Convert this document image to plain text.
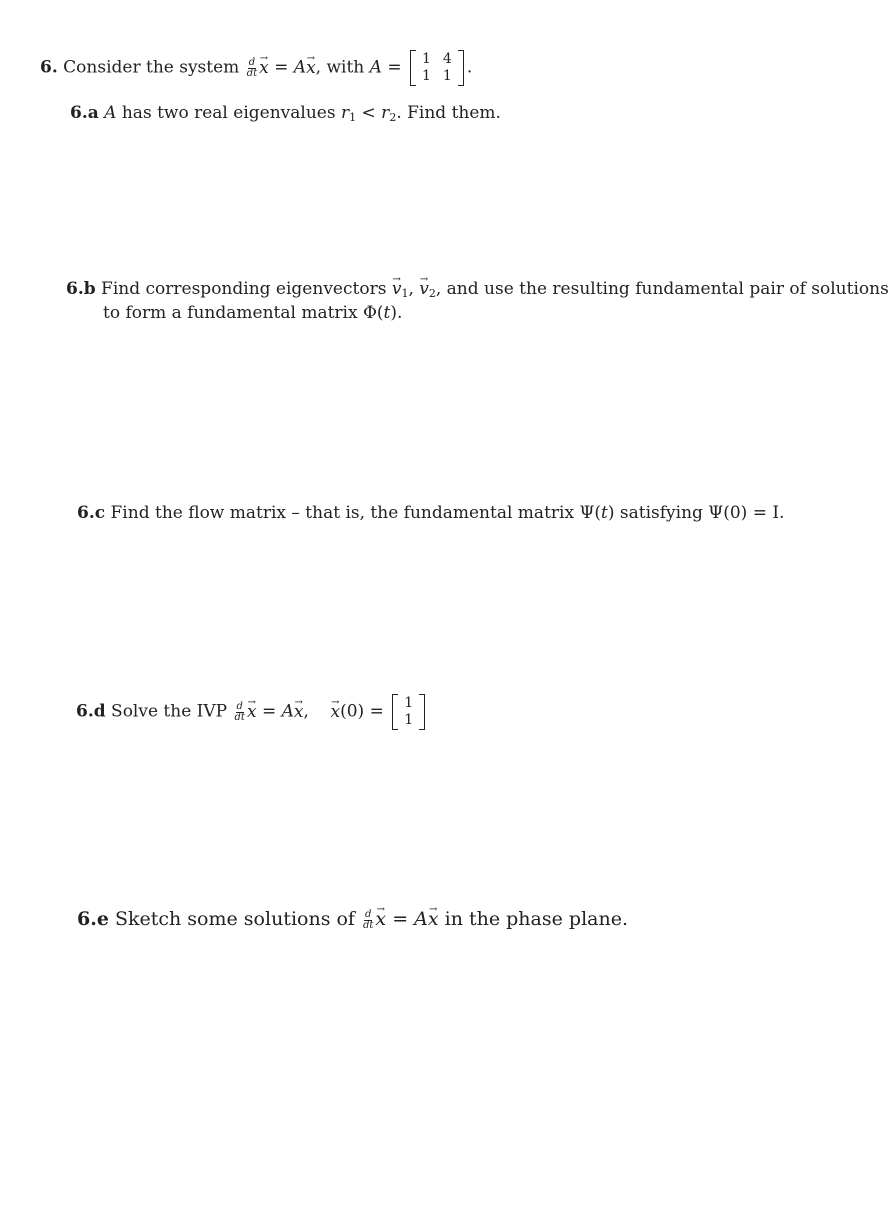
6. Consider the system $\frac{d}{dt}$
→ x = A→ x, with A = 1 4
1 1 .
6.a A has two real eigenvalues $r_1 < r_2$. Find them.
6.b Find corresponding eigenvectors → $v_1$, → $v_2$, and use the resulting fundamental pair of solutions
to form a fundamental matrix Φ(t).
6.c Find the flow matrix – that is, the fundamental matrix Ψ(t) satisfying Ψ(0) = I.
6.d Solve the IVP $\frac{d}{dt}$
→ x = A→ x,    → x(0) = 1
1
6.e Sketch some solutions of $\frac{d}{dt}$
→ x = A→ x in the phase plane.
